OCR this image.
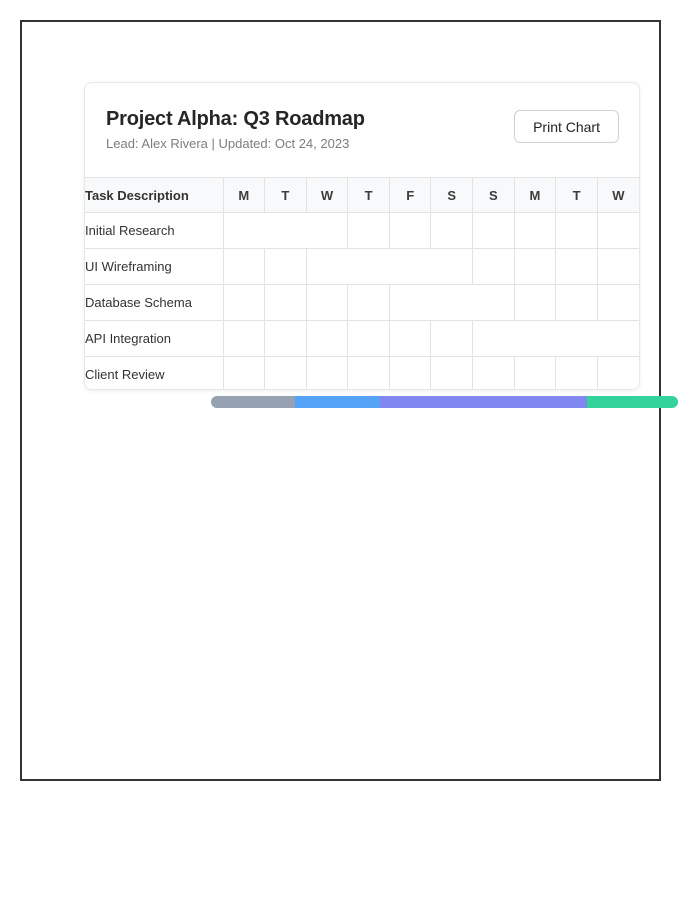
Project Alpha: Q3 Roadmap
Lead: Alex Rivera | Updated: Oct 24, 2023
Print Chart
Task Description	M	T	W	T	F	S	S	M	T	W
Initial Research										
UI Wireframing										
Database Schema										
API Integration										
Client Review										
